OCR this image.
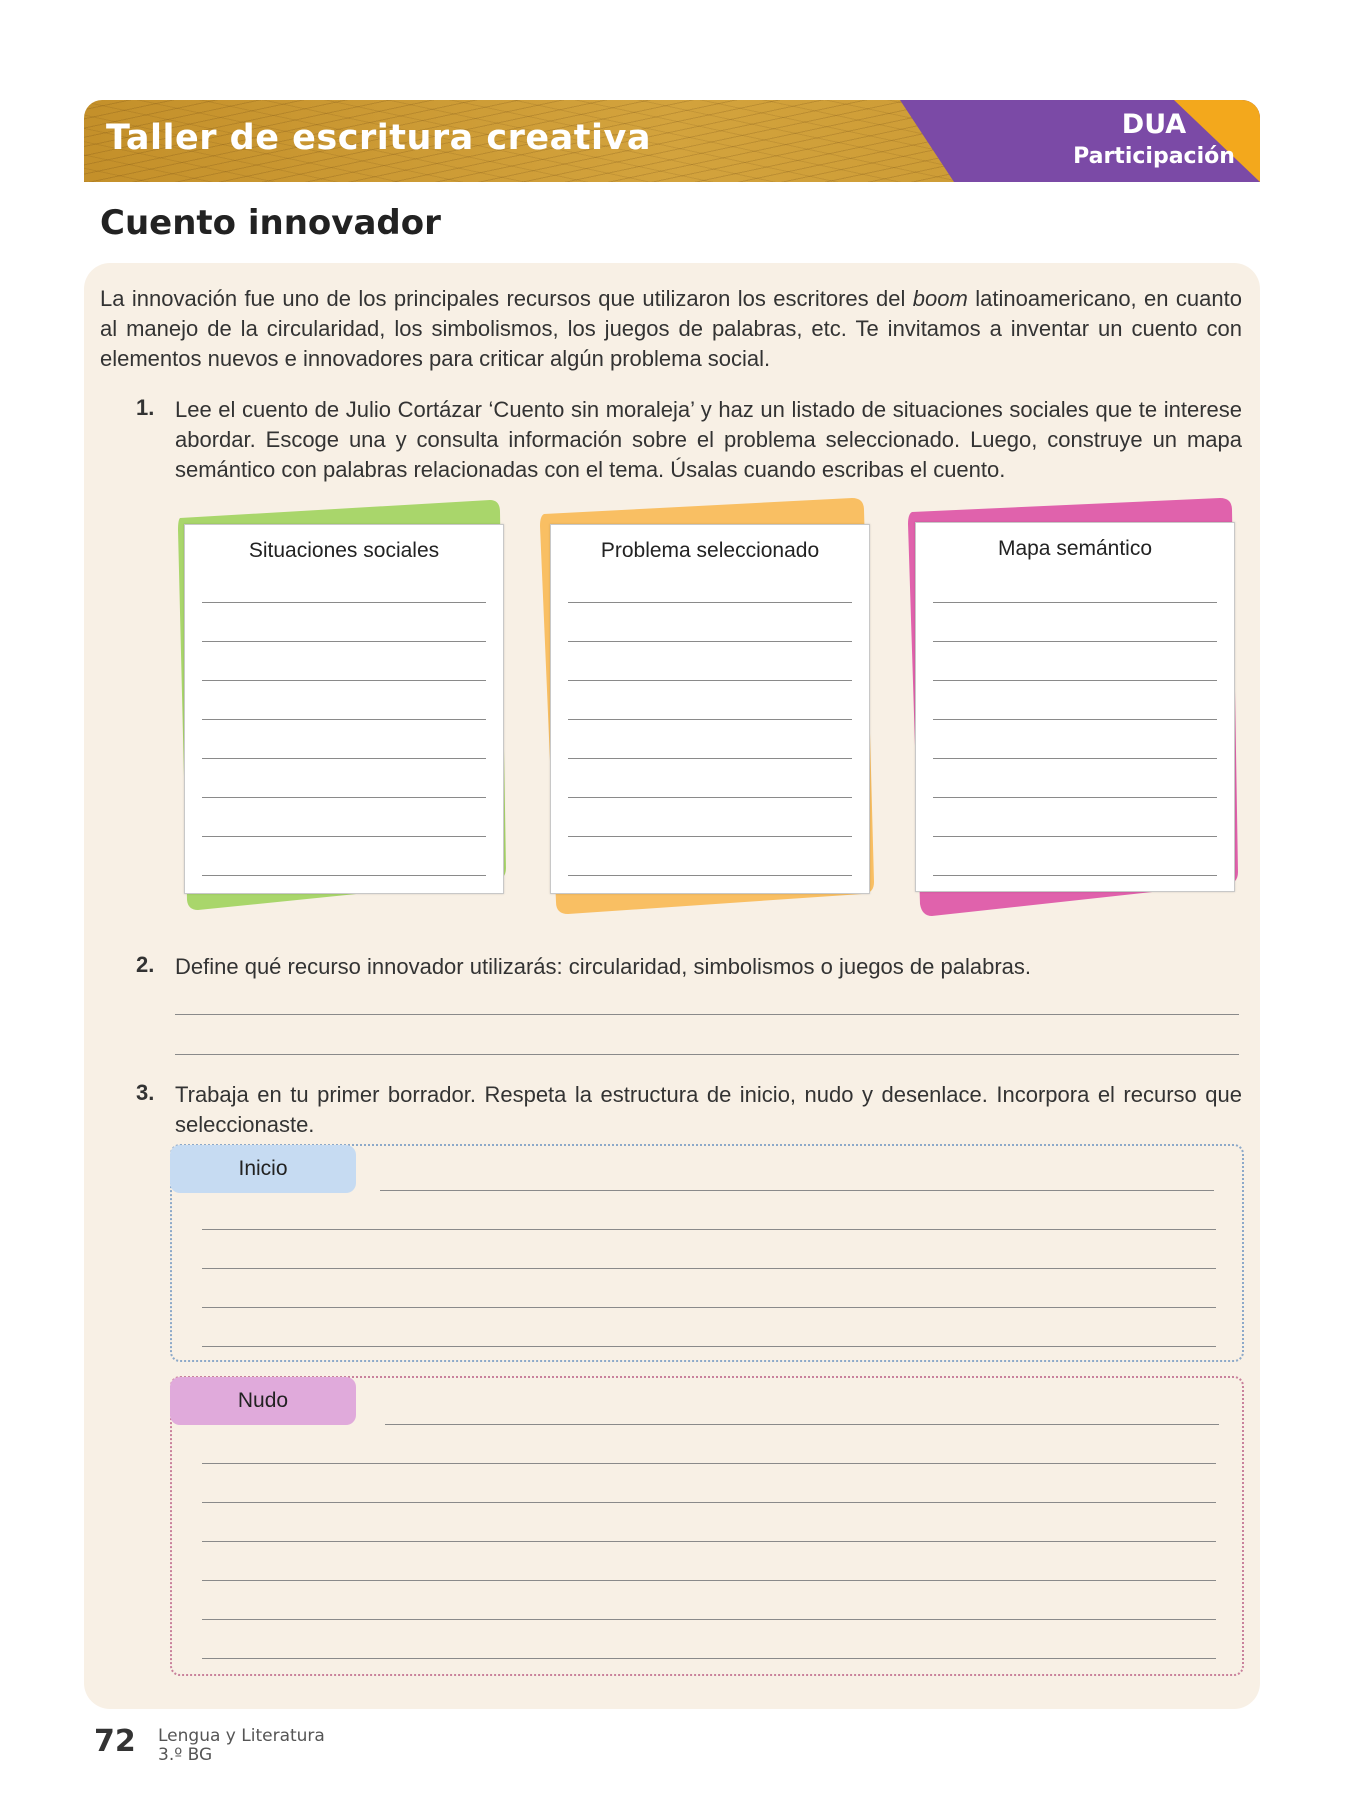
Taller de escritura creativa	DUA
Participación
Cuento innovador
La innovación fue uno de los principales recursos que utilizaron los escritores del boom latinoamericano, en cuanto al manejo de la circularidad, los simbolismos, los juegos de palabras, etc. Te invitamos a inventar un cuento con elementos nuevos e innovadores para criticar algún problema social.
1. Lee el cuento de Julio Cortázar ‘Cuento sin moraleja’ y haz un listado de situaciones sociales que te interese abordar. Escoge una y consulta información sobre el problema seleccionado. Luego, construye un mapa semántico con palabras relacionadas con el tema. Úsalas cuando escribas el cuento.
Situaciones sociales	Problema seleccionado	Mapa semántico
2. Define qué recurso innovador utilizarás: circularidad, simbolismos o juegos de palabras.
3. Trabaja en tu primer borrador. Respeta la estructura de inicio, nudo y desenlace. Incorpora el recurso que seleccionaste.
Inicio
Nudo
72 Lengua y Literatura
3.º BG
